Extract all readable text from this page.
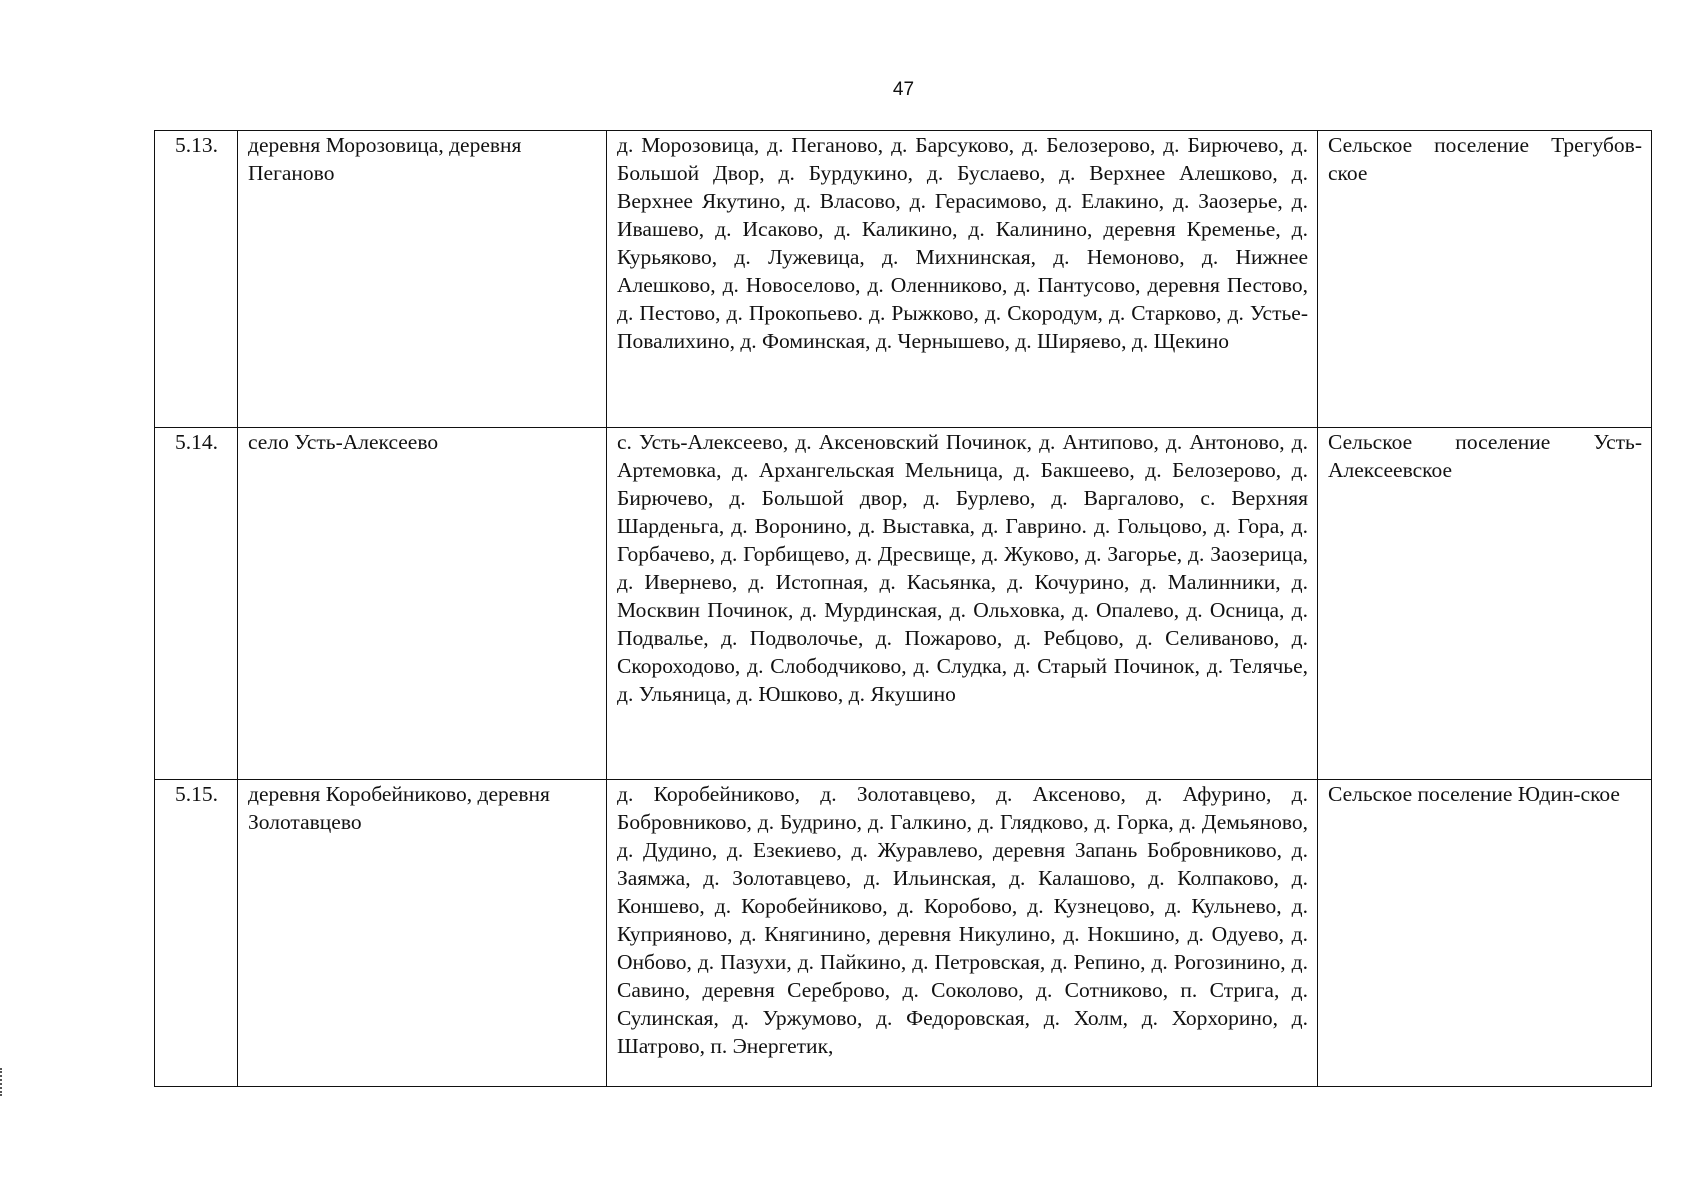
47
5.13.	деревня Морозовица, деревня Пеганово	д. Морозовица, д. Пеганово, д. Барсуково, д. Белозерово, д. Бирючево, д. Большой Двор, д. Бурдукино, д. Буслаево, д. Верхнее Алешково, д. Верхнее Якутино, д. Власово, д. Герасимово, д. Елакино, д. Заозерье, д. Ивашево, д. Исаково, д. Каликино, д. Калинино, деревня Кременье, д. Курьяково, д. Лужевица, д. Михнинская, д. Немоново, д. Нижнее Алешково, д. Новоселово, д. Оленниково, д. Пантусово, деревня Пестово, д. Пестово, д. Прокопьево. д. Рыжково, д. Скородум, д. Старково, д. Устье-Повалихино, д. Фоминская, д. Чернышево, д. Ширяево, д. Щекино	Сельское поселение Трегубов-ское

5.14.	село Усть-Алексеево	с. Усть-Алексеево, д. Аксеновский Починок, д. Антипово, д. Антоново, д. Артемовка, д. Архангельская Мельница, д. Бакшеево, д. Белозерово, д. Бирючево, д. Большой двор, д. Бурлево, д. Варгалово, с. Верхняя Шарденьга, д. Воронино, д. Выставка, д. Гаврино. д. Гольцово, д. Гора, д. Горбачево, д. Горбищево, д. Дресвище, д. Жуково, д. Загорье, д. Заозерица, д. Ивернево, д. Истопная, д. Касьянка, д. Кочурино, д. Малинники, д. Москвин Починок, д. Мурдинская, д. Ольховка, д. Опалево, д. Осница, д. Подвалье, д. Подволочье, д. Пожарово, д. Ребцово, д. Селиваново, д. Скороходово, д. Слободчиково, д. Слудка, д. Старый Починок, д. Телячье, д. Ульяница, д. Юшково, д. Якушино	Сельское поселение Усть-Алексеевское

5.15.	деревня Коробейниково, деревня Золотавцево	д. Коробейниково, д. Золотавцево, д. Аксеново, д. Афурино, д. Бобровниково, д. Будрино, д. Галкино, д. Глядково, д. Горка, д. Демьяново, д. Дудино, д. Езекиево, д. Журавлево, деревня Запань Бобровниково, д. Заямжа, д. Золотавцево, д. Ильинская, д. Калашово, д. Колпаково, д. Коншево, д. Коробейниково, д. Коробово, д. Кузнецово, д. Кульнево, д. Куприяново, д. Княгинино, деревня Никулино, д. Нокшино, д. Одуево, д. Онбово, д. Пазухи, д. Пайкино, д. Петровская, д. Репино, д. Рогозинино, д. Савино, деревня Сереброво, д. Соколово, д. Сотниково, п. Стрига, д. Сулинская, д. Уржумово, д. Федоровская, д. Холм, д. Хорхорино, д. Шатрово, п. Энергетик,	Сельское поселение Юдин-ское
